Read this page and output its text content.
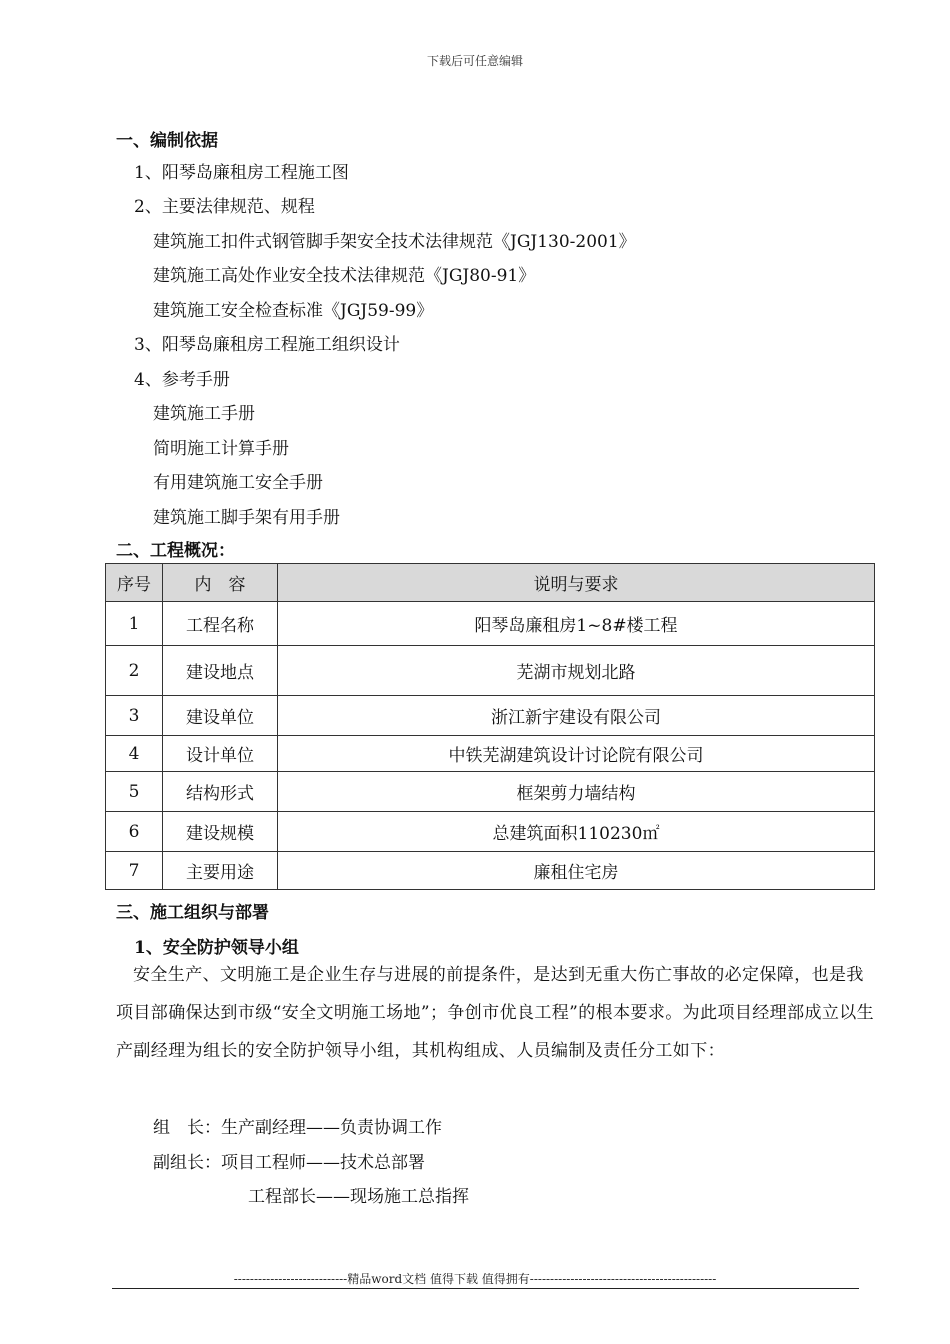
下载后可任意编辑
一、编制依据
1、阳琴岛廉租房工程施工图
2、主要法律规范、规程
建筑施工扣件式钢管脚手架安全技术法律规范《JGJ130-2001》
建筑施工高处作业安全技术法律规范《JGJ80-91》
建筑施工安全检查标准《JGJ59-99》
3、阳琴岛廉租房工程施工组织设计
4、参考手册
建筑施工手册
简明施工计算手册
有用建筑施工安全手册
建筑施工脚手架有用手册
二、工程概况：
序号	内　容	说明与要求
1	工程名称	阳琴岛廉租房1~8#楼工程
2	建设地点	芜湖市规划北路
3	建设单位	浙江新宇建设有限公司
4	设计单位	中铁芜湖建筑设计讨论院有限公司
5	结构形式	框架剪力墙结构
6	建设规模	总建筑面积110230㎡
7	主要用途	廉租住宅房
三、施工组织与部署
1、安全防护领导小组
安全生产、文明施工是企业生存与进展的前提条件，是达到无重大伤亡事故的必定保障，也是我项目部确保达到市级“安全文明施工场地”；争创市优良工程”的根本要求。为此项目经理部成立以生产副经理为组长的安全防护领导小组，其机构组成、人员编制及责任分工如下：
组　长：生产副经理——负责协调工作
副组长：项目工程师——技术总部署
工程部长——现场施工总指挥
----------------------------精品word文档 值得下载 值得拥有----------------------------------------------
